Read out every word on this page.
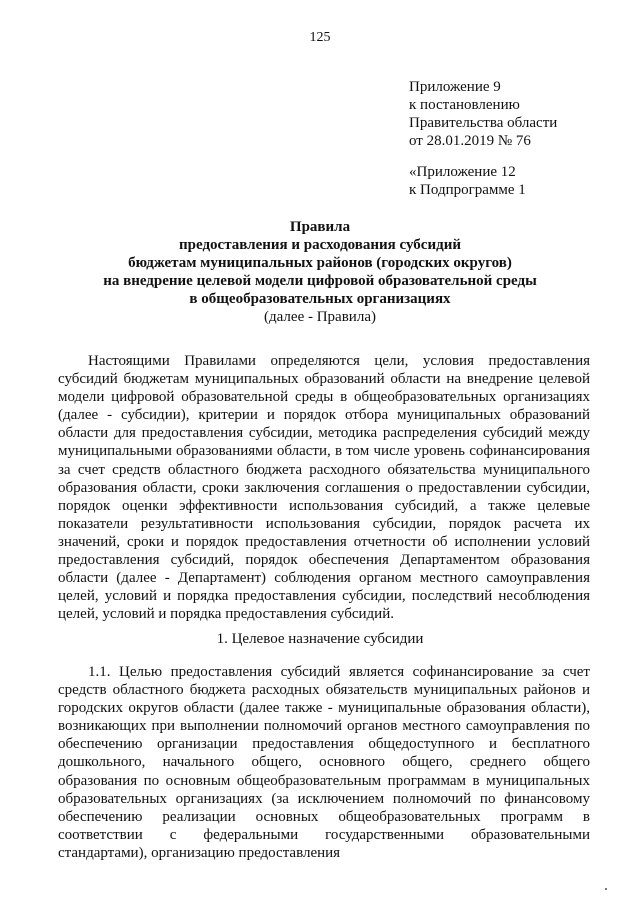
125
Приложение 9
к постановлению
Правительства области
от 28.01.2019 № 76
«Приложение 12
к Подпрограмме 1
Правила
предоставления и расходования субсидий
бюджетам муниципальных районов (городских округов)
на внедрение целевой модели цифровой образовательной среды
в общеобразовательных организациях
(далее - Правила)

Настоящими Правилами определяются цели, условия предоставления субсидий бюджетам муниципальных образований области на внедрение целевой модели цифровой образовательной среды в общеобразовательных организациях (далее - субсидии), критерии и порядок отбора муниципальных образований области для предоставления субсидии, методика распределения субсидий между муниципальными образованиями области, в том числе уровень софинансирования за счет средств областного бюджета расходного обязательства муниципального образования области, сроки заключения соглашения о предоставлении субсидии, порядок оценки эффективности использования субсидий, а также целевые показатели результативности использования субсидии, порядок расчета их значений, сроки и порядок предоставления отчетности об исполнении условий предоставления субсидий, порядок обеспечения Департаментом образования области (далее - Департамент) соблюдения органом местного самоуправления целей, условий и порядка предоставления субсидии, последствий несоблюдения целей, условий и порядка предоставления субсидий.

1. Целевое назначение субсидии

1.1. Целью предоставления субсидий является софинансирование за счет средств областного бюджета расходных обязательств муниципальных районов и городских округов области (далее также - муниципальные образования области), возникающих при выполнении полномочий органов местного самоуправления по обеспечению организации предоставления общедоступного и бесплатного дошкольного, начального общего, основного общего, среднего общего образования по основным общеобразовательным программам в муниципальных образовательных организациях (за исключением полномочий по финансовому обеспечению реализации основных общеобразовательных программ в соответствии с федеральными государственными образовательными стандартами), организацию предоставления
